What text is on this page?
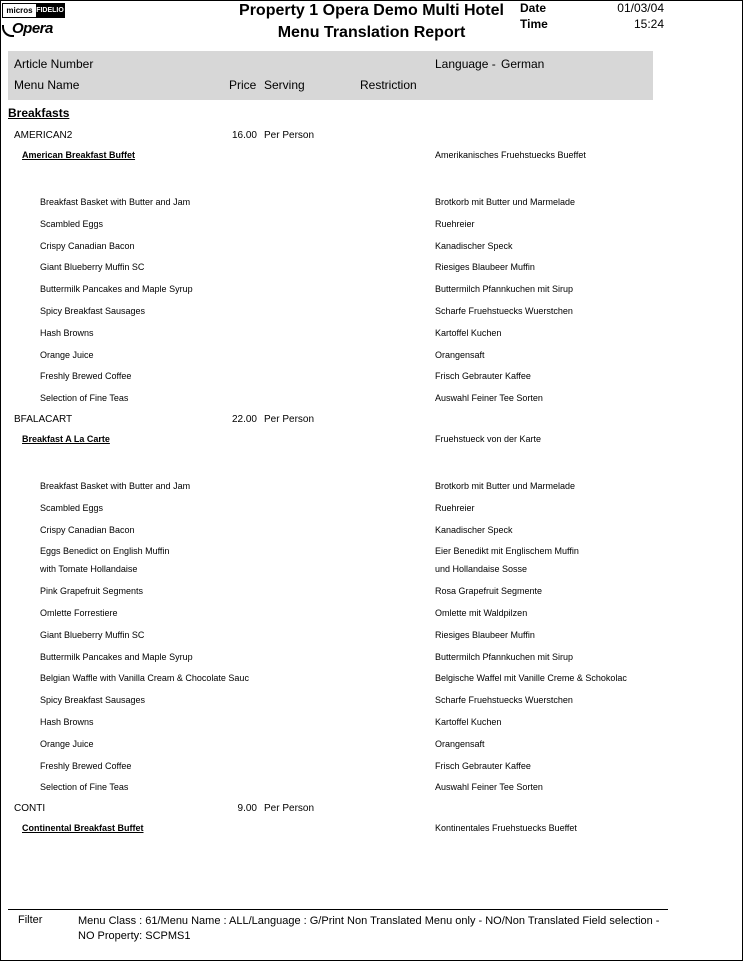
micros FIDELIO
Opera
Property 1 Opera Demo Multi Hotel
Menu Translation Report
Date	01/03/04
Time	15:24
Article Number	Language - German
Menu Name	Price Serving	Restriction
Breakfasts
AMERICAN2	16.00 Per Person
American Breakfast Buffet	Amerikanisches Fruehstuecks Bueffet
Breakfast Basket with Butter and Jam	Brotkorb mit Butter und Marmelade
Scambled Eggs	Ruehreier
Crispy Canadian Bacon	Kanadischer Speck
Giant Blueberry Muffin SC	Riesiges Blaubeer Muffin
Buttermilk Pancakes and Maple Syrup	Buttermilch Pfannkuchen mit Sirup
Spicy Breakfast Sausages	Scharfe Fruehstuecks Wuerstchen
Hash Browns	Kartoffel Kuchen
Orange Juice	Orangensaft
Freshly Brewed Coffee	Frisch Gebrauter Kaffee
Selection of Fine Teas	Auswahl Feiner Tee Sorten
BFALACART	22.00 Per Person
Breakfast A La Carte	Fruehstueck von der Karte
Breakfast Basket with Butter and Jam	Brotkorb mit Butter und Marmelade
Scambled Eggs	Ruehreier
Crispy Canadian Bacon	Kanadischer Speck
Eggs Benedict on English Muffin	Eier Benedikt mit Englischem Muffin
with Tomate Hollandaise	und Hollandaise Sosse
Pink Grapefruit Segments	Rosa Grapefruit Segmente
Omlette Forrestiere	Omlette mit Waldpilzen
Giant Blueberry Muffin SC	Riesiges Blaubeer Muffin
Buttermilk Pancakes and Maple Syrup	Buttermilch Pfannkuchen mit Sirup
Belgian Waffle with Vanilla Cream & Chocolate Sauc	Belgische Waffel mit Vanille Creme & Schokolac
Spicy Breakfast Sausages	Scharfe Fruehstuecks Wuerstchen
Hash Browns	Kartoffel Kuchen
Orange Juice	Orangensaft
Freshly Brewed Coffee	Frisch Gebrauter Kaffee
Selection of Fine Teas	Auswahl Feiner Tee Sorten
CONTI	9.00 Per Person
Continental Breakfast Buffet	Kontinentales Fruehstuecks Bueffet
Filter	Menu Class : 61/Menu Name : ALL/Language : G/Print Non Translated Menu only - NO/Non Translated Field selection - NO Property: SCPMS1
